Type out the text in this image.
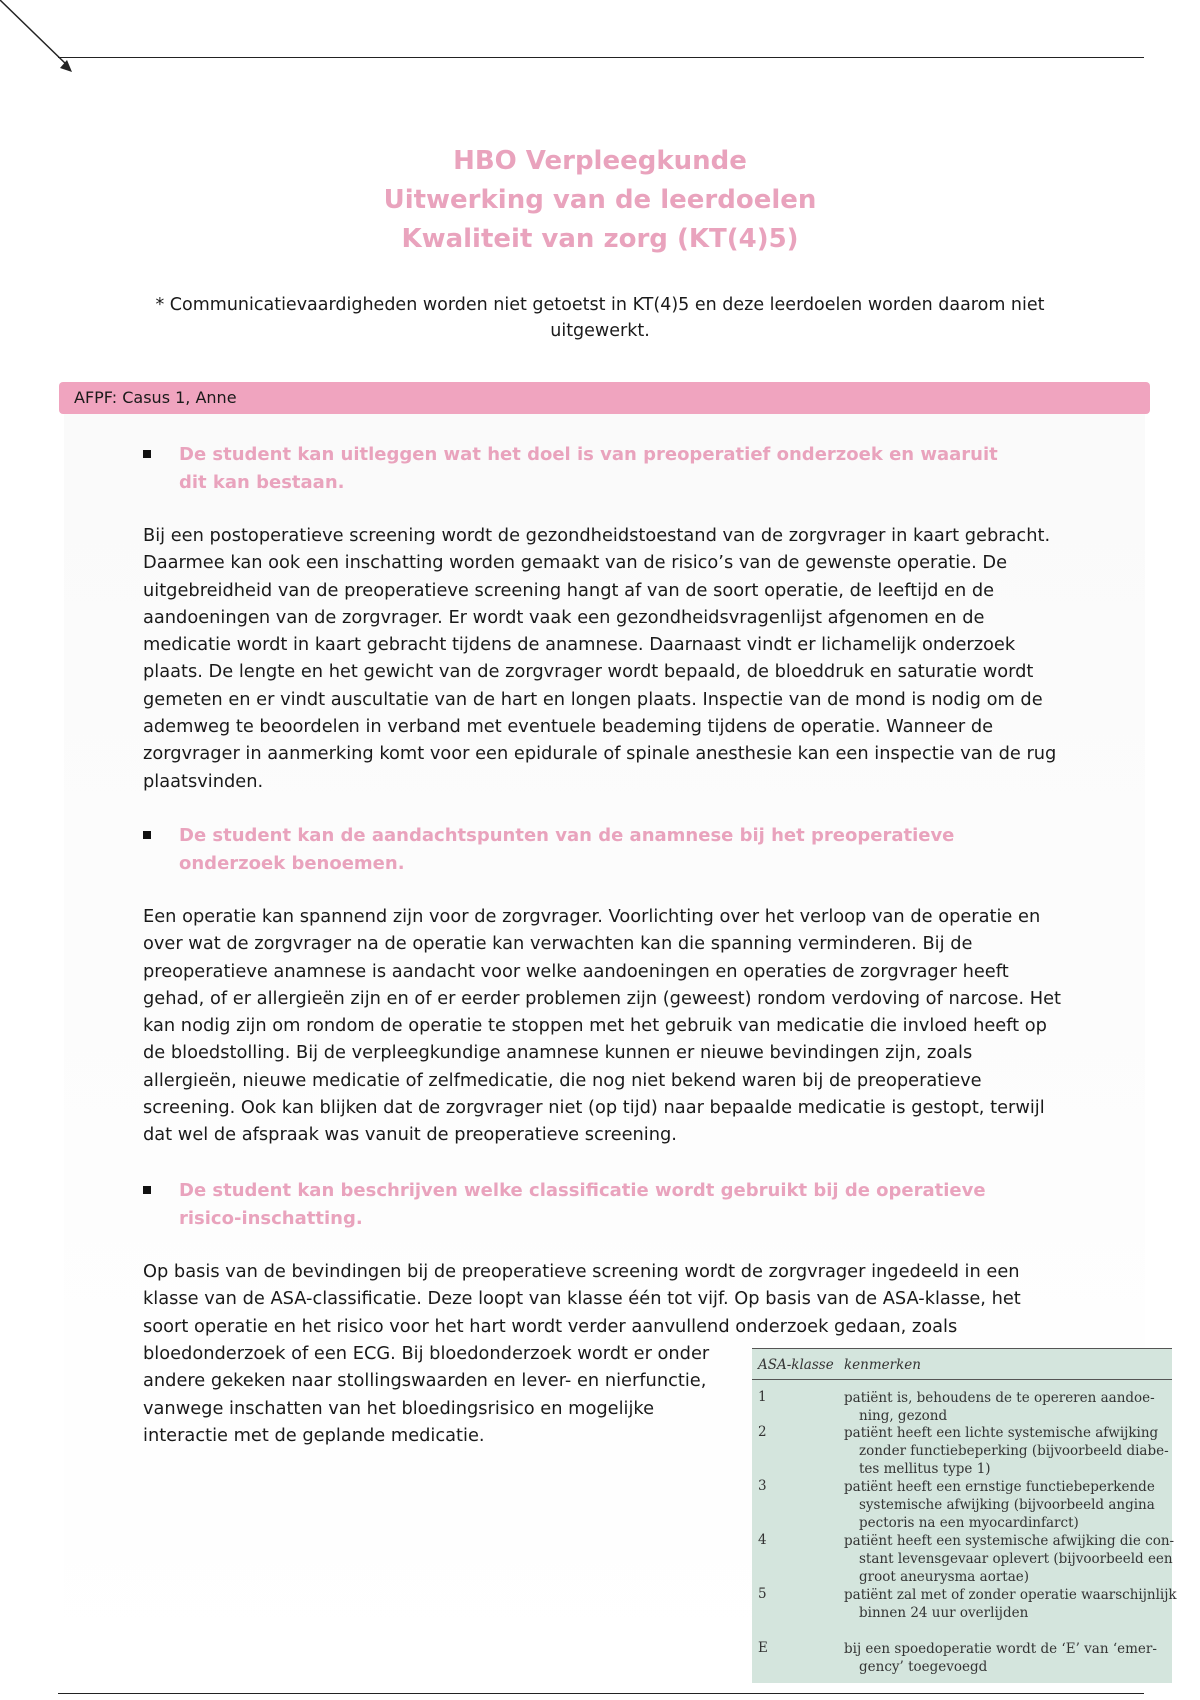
HBO Verpleegkunde
Uitwerking van de leerdoelen
Kwaliteit van zorg (KT(4)5)
* Communicatievaardigheden worden niet getoetst in KT(4)5 en deze leerdoelen worden daarom niet uitgewerkt.
AFPF: Casus 1, Anne
De student kan uitleggen wat het doel is van preoperatief onderzoek en waaruit dit kan bestaan.
Bij een postoperatieve screening wordt de gezondheidstoestand van de zorgvrager in kaart gebracht. Daarmee kan ook een inschatting worden gemaakt van de risico’s van de gewenste operatie. De uitgebreidheid van de preoperatieve screening hangt af van de soort operatie, de leeftijd en de aandoeningen van de zorgvrager. Er wordt vaak een gezondheidsvragenlijst afgenomen en de medicatie wordt in kaart gebracht tijdens de anamnese. Daarnaast vindt er lichamelijk onderzoek plaats. De lengte en het gewicht van de zorgvrager wordt bepaald, de bloeddruk en saturatie wordt gemeten en er vindt auscultatie van de hart en longen plaats. Inspectie van de mond is nodig om de ademweg te beoordelen in verband met eventuele beademing tijdens de operatie. Wanneer de zorgvrager in aanmerking komt voor een epidurale of spinale anesthesie kan een inspectie van de rug plaatsvinden.
De student kan de aandachtspunten van de anamnese bij het preoperatieve onderzoek benoemen.
Een operatie kan spannend zijn voor de zorgvrager. Voorlichting over het verloop van de operatie en over wat de zorgvrager na de operatie kan verwachten kan die spanning verminderen. Bij de preoperatieve anamnese is aandacht voor welke aandoeningen en operaties de zorgvrager heeft gehad, of er allergieën zijn en of er eerder problemen zijn (geweest) rondom verdoving of narcose. Het kan nodig zijn om rondom de operatie te stoppen met het gebruik van medicatie die invloed heeft op de bloedstolling. Bij de verpleegkundige anamnese kunnen er nieuwe bevindingen zijn, zoals allergieën, nieuwe medicatie of zelfmedicatie, die nog niet bekend waren bij de preoperatieve screening. Ook kan blijken dat de zorgvrager niet (op tijd) naar bepaalde medicatie is gestopt, terwijl dat wel de afspraak was vanuit de preoperatieve screening.
De student kan beschrijven welke classificatie wordt gebruikt bij de operatieve risico-inschatting.
Op basis van de bevindingen bij de preoperatieve screening wordt de zorgvrager ingedeeld in een klasse van de ASA-classificatie. Deze loopt van klasse één tot vijf. Op basis van de ASA-klasse, het soort operatie en het risico voor het hart wordt verder aanvullend onderzoek gedaan, zoals
bloedonderzoek of een ECG. Bij bloedonderzoek wordt er onder andere gekeken naar stollingswaarden en lever- en nierfunctie, vanwege inschatten van het bloedingsrisico en mogelijke interactie met de geplande medicatie.
ASA-klasse kenmerken
1	patiënt is, behoudens de te opereren aandoe-ning, gezond
2	patiënt heeft een lichte systemische afwijking zonder functiebeperking (bijvoorbeeld diabe-tes mellitus type 1)
3	patiënt heeft een ernstige functiebeperkende systemische afwijking (bijvoorbeeld angina pectoris na een myocardinfarct)
4	patiënt heeft een systemische afwijking die con-stant levensgevaar oplevert (bijvoorbeeld een groot aneurysma aortae)
5	patiënt zal met of zonder operatie waarschijnlijk binnen 24 uur overlijden
E	bij een spoedoperatie wordt de ‘E’ van ‘emer-gency’ toegevoegd
